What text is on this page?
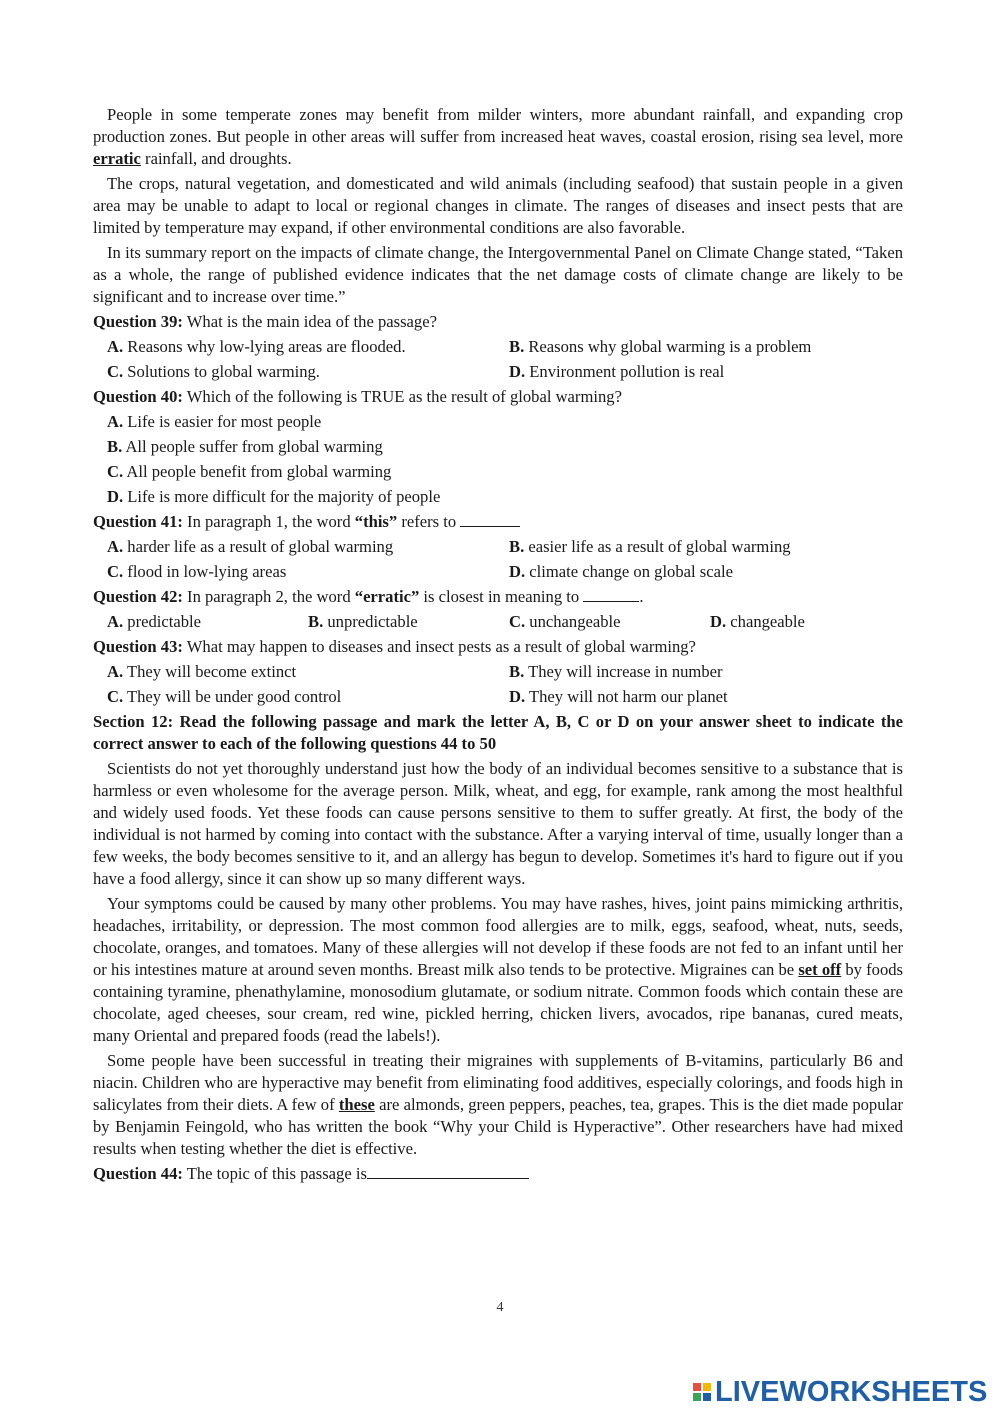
People in some temperate zones may benefit from milder winters, more abundant rainfall, and expanding crop production zones. But people in other areas will suffer from increased heat waves, coastal erosion, rising sea level, more erratic rainfall, and droughts.

The crops, natural vegetation, and domesticated and wild animals (including seafood) that sustain people in a given area may be unable to adapt to local or regional changes in climate. The ranges of diseases and insect pests that are limited by temperature may expand, if other environmental conditions are also favorable.

In its summary report on the impacts of climate change, the Intergovernmental Panel on Climate Change stated, “Taken as a whole, the range of published evidence indicates that the net damage costs of climate change are likely to be significant and to increase over time.”

Question 39: What is the main idea of the passage?
A. Reasons why low-lying areas are flooded.	B. Reasons why global warming is a problem
C. Solutions to global warming.	D. Environment pollution is real
Question 40: Which of the following is TRUE as the result of global warming?
A. Life is easier for most people
B. All people suffer from global warming
C. All people benefit from global warming
D. Life is more difficult for the majority of people
Question 41: In paragraph 1, the word “this” refers to
A. harder life as a result of global warming	B. easier life as a result of global warming
C. flood in low-lying areas	D. climate change on global scale
Question 42: In paragraph 2, the word “erratic” is closest in meaning to	.
A. predictable	B. unpredictable	C. unchangeable	D. changeable
Question 43: What may happen to diseases and insect pests as a result of global warming?
A. They will become extinct	B. They will increase in number
C. They will be under good control	D. They will not harm our planet

Section 12: Read the following passage and mark the letter A, B, C or D on your answer sheet to indicate the correct answer to each of the following questions 44 to 50

Scientists do not yet thoroughly understand just how the body of an individual becomes sensitive to a substance that is harmless or even wholesome for the average person. Milk, wheat, and egg, for example, rank among the most healthful and widely used foods. Yet these foods can cause persons sensitive to them to suffer greatly. At first, the body of the individual is not harmed by coming into contact with the substance. After a varying interval of time, usually longer than a few weeks, the body becomes sensitive to it, and an allergy has begun to develop. Sometimes it's hard to figure out if you have a food allergy, since it can show up so many different ways.

Your symptoms could be caused by many other problems. You may have rashes, hives, joint pains mimicking arthritis, headaches, irritability, or depression. The most common food allergies are to milk, eggs, seafood, wheat, nuts, seeds, chocolate, oranges, and tomatoes. Many of these allergies will not develop if these foods are not fed to an infant until her or his intestines mature at around seven months. Breast milk also tends to be protective. Migraines can be set off by foods containing tyramine, phenathylamine, monosodium glutamate, or sodium nitrate. Common foods which contain these are chocolate, aged cheeses, sour cream, red wine, pickled herring, chicken livers, avocados, ripe bananas, cured meats, many Oriental and prepared foods (read the labels!).

Some people have been successful in treating their migraines with supplements of B-vitamins, particularly B6 and niacin. Children who are hyperactive may benefit from eliminating food additives, especially colorings, and foods high in salicylates from their diets. A few of these are almonds, green peppers, peaches, tea, grapes. This is the diet made popular by Benjamin Feingold, who has written the book “Why your Child is Hyperactive”. Other researchers have had mixed results when testing whether the diet is effective.

Question 44: The topic of this passage is
4
LIVEWORKSHEETS
